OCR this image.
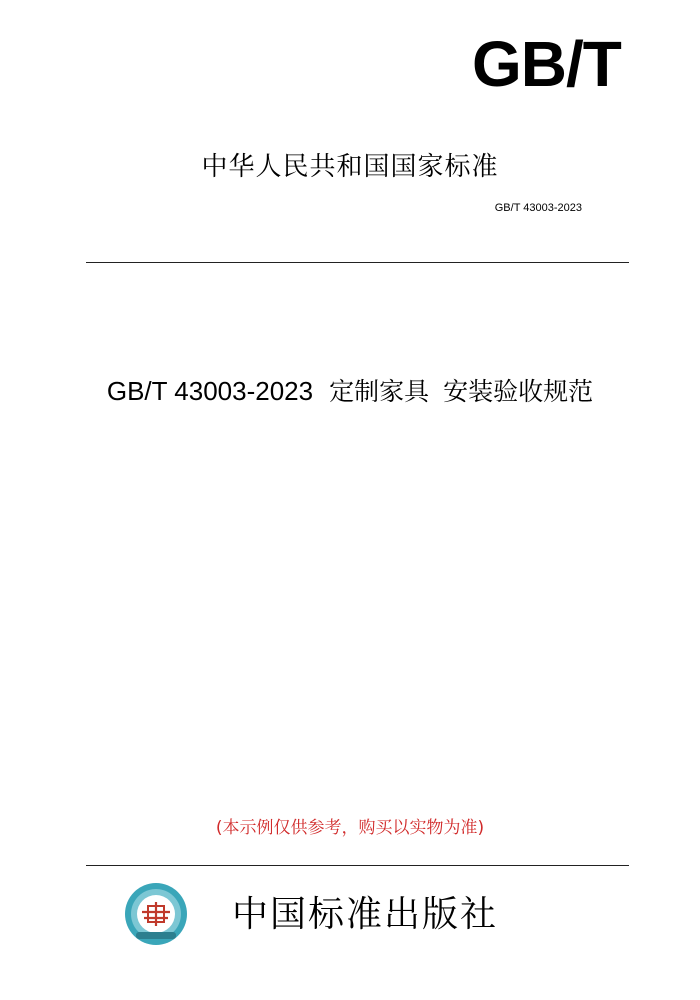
GB/T
中华人民共和国国家标准
GB/T 43003-2023
GB/T 43003-2023 定制家具 安装验收规范
(本示例仅供参考，购买以实物为准)
中国标准出版社
